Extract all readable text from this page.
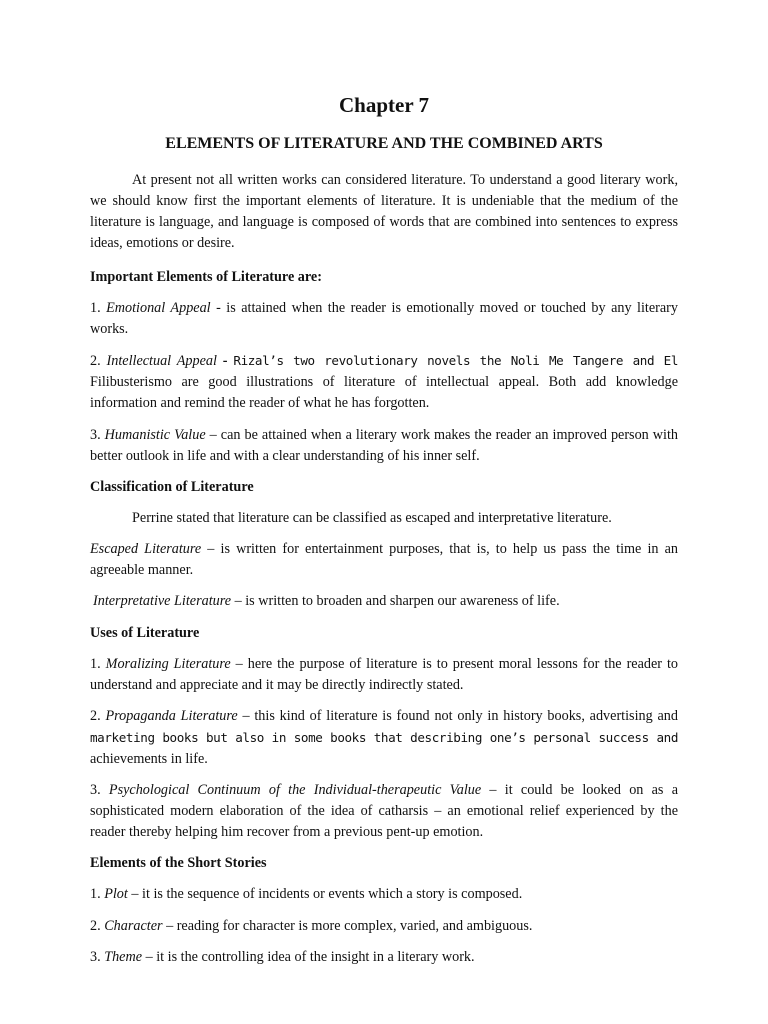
Chapter 7
ELEMENTS OF LITERATURE AND THE COMBINED ARTS

At present not all written works can considered literature. To understand a good literary work, we should know first the important elements of literature. It is undeniable that the medium of the literature is language, and language is composed of words that are combined into sentences to express ideas, emotions or desire.

Important Elements of Literature are:

1. Emotional Appeal - is attained when the reader is emotionally moved or touched by any literary works.

2. Intellectual Appeal - Rizal’s two revolutionary novels the Noli Me Tangere and El Filibusterismo are good illustrations of literature of intellectual appeal. Both add knowledge information and remind the reader of what he has forgotten.

3. Humanistic Value – can be attained when a literary work makes the reader an improved person with better outlook in life and with a clear understanding of his inner self.

Classification of Literature

Perrine stated that literature can be classified as escaped and interpretative literature.

Escaped Literature – is written for entertainment purposes, that is, to help us pass the time in an agreeable manner.

Interpretative Literature – is written to broaden and sharpen our awareness of life.

Uses of Literature

1. Moralizing Literature – here the purpose of literature is to present moral lessons for the reader to understand and appreciate and it may be directly indirectly stated.

2. Propaganda Literature – this kind of literature is found not only in history books, advertising and marketing books but also in some books that describing one’s personal success and achievements in life.

3. Psychological Continuum of the Individual-therapeutic Value – it could be looked on as a sophisticated modern elaboration of the idea of catharsis – an emotional relief experienced by the reader thereby helping him recover from a previous pent-up emotion.

Elements of the Short Stories

1. Plot – it is the sequence of incidents or events which a story is composed.

2. Character – reading for character is more complex, varied, and ambiguous.

3. Theme – it is the controlling idea of the insight in a literary work.
